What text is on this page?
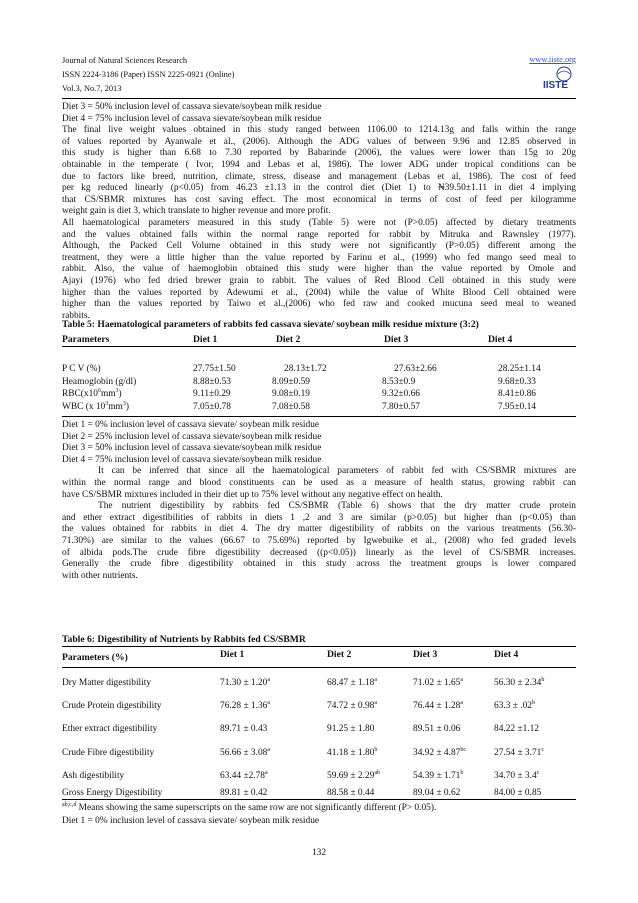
Journal of Natural Sciences Research	www.iiste.org
ISSN 2224-3186 (Paper) ISSN 2225-0921 (Online)
Vol.3, No.7, 2013	IISTE
Diet 3 = 50% inclusion level of cassava sievate/soybean milk residue
Diet 4 = 75% inclusion level of cassava sievate/soybean milk residue
The final live weight values obtained in this study ranged between 1106.00 to 1214.13g and falls within the range
of values reported by Ayanwale et al., (2006). Although the ADG values of between 9.96 and 12.85 observed in
this study is higher than 6.68 to 7.30 reported by Babarinde (2006), the values were lower than 15g to 20g
obtainable in the temperate ( Ivor, 1994 and Lebas et al, 1986). The lower ADG under tropical conditions can be
due to factors like breed, nutrition, climate, stress, disease and management (Lebas et al, 1986). The cost of feed
per kg reduced linearly (p<0.05) from 46.23 ±1.13 in the control diet (Diet 1) to ₦39.50±1.11 in diet 4 implying
that CS/SBMR mixtures has cost saving effect. The most economical in terms of cost of feed per kilogramme
weight gain is diet 3, which translate to higher revenue and more profit.
All haematological parameters measured in this study (Table 5) were not (P>0.05) affected by dietary treatments
and the values obtained falls within the normal range reported for rabbit by Mitruka and Rawnsley (1977).
Although, the Packed Cell Volume obtained in this study were not significantly (P>0.05) different among the
treatment, they were a little higher than the value reported by Farinu et al., (1999) who fed mango seed meal to
rabbit. Also, the value of haemoglobin obtained this study were higher than the value reported by Omole and
Ajayi (1976) who fed dried brewer grain to rabbit. The values of Red Blood Cell obtained in this study were
higher than the values reported by Adewumi et al., (2004) while the value of White Blood Cell obtained were
higher than the values reported by Taiwo et al.,(2006) who fed raw and cooked mucuna seed meal to weaned
rabbits.
Table 5: Haematological parameters of rabbits fed cassava sievate/ soybean milk residue mixture (3:2)
Parameters	Diet 1	Diet 2	Diet 3	Diet 4
P C V (%)	27.75±1.50	28.13±1.72	27.63±2.66	28.25±1.14
Heamoglobin (g/dl)	8.88±0.53	8.09±0.59	8.53±0.9	9.68±0.33
$RBC(x10^6mm^3)$	9.11±0.29	9.08±0.19	9.32±0.66	8.41±0.86
WBC (x $10^3mm^3$)	7.05±0.78	7.08±0.58	7.80±0.57	7.95±0.14
Diet 1 = 0% inclusion level of cassava sievate/ soybean milk residue
Diet 2 = 25% inclusion level of cassava sievate/soybean milk residue
Diet 3 = 50% inclusion level of cassava sievate/soybean milk residue
Diet 4 = 75% inclusion level of cassava sievate/soybean milk residue
It can be inferred that since all the haematological parameters of rabbit fed with CS/SBMR mixtures are
within the normal range and blood constituents can be used as a measure of health status, growing rabbit can
have CS/SBMR mixtures included in their diet up to 75% level without any negative effect on health.
The nutrient digestibility by rabbits fed CS/SBMR (Table 6) shows that the dry matter crude protein
and ether extract digestibilities of rabbits in diets 1 ,2 and 3 are similar (p>0.05) but higher than (p<0.05) than
the values obtained for rabbits in diet 4. The dry matter digestibility of rabbits on the various treatments (56.30-
71.30%) are similar to the values (66.67 to 75.69%) reported by Igwebuike et al., (2008) who fed graded levels
of albida pods.The crude fibre digestibility decreased ((p<0.05)) linearly as the level of CS/SBMR increases.
Generally the crude fibre digestibility obtained in this study across the treatment groups is lower compared
with other nutrients.
Table 6: Digestibility of Nutrients by Rabbits fed CS/SBMR
Parameters (%)	Diet 1	Diet 2	Diet 3	Diet 4
Dry Matter digestibility	71.30 ± 1.20$^a$	68.47 ± 1.18$^a$	71.02 ± 1.65$^a$	56.30 ± 2.34$^b$
Crude Protein digestibility	76.28 ± 1.36$^a$	74.72 ± 0.98$^a$	76.44 ± 1.28$^a$	63.3 ± .02$^b$
Ether extract digestibility	89.71 ± 0.43	91.25 ± 1.80	89.51 ± 0.06	84.22 ±1.12
Crude Fibre digestibility	56.66 ± 3.08$^a$	41.18 ± 1.80$^b$	34.92 ± 4.87$^{bc}$	27.54 ± 3.71$^c$
Ash digestibility	63.44 ±2.78$^a$	59.69 ± 2.29$^{ab}$	54.39 ± 1.71$^b$	34.70 ± 3.4$^c$
Gross Energy Digestibility	89.81 ± 0.42	88.58 ± 0.44	89.04 ± 0.62	84.00 ± 0.85
$^{ab,c,d}$ Means showing the same superscripts on the same row are not significantly different (P> 0.05).
Diet 1 = 0% inclusion level of cassava sievate/ soybean milk residue
132
